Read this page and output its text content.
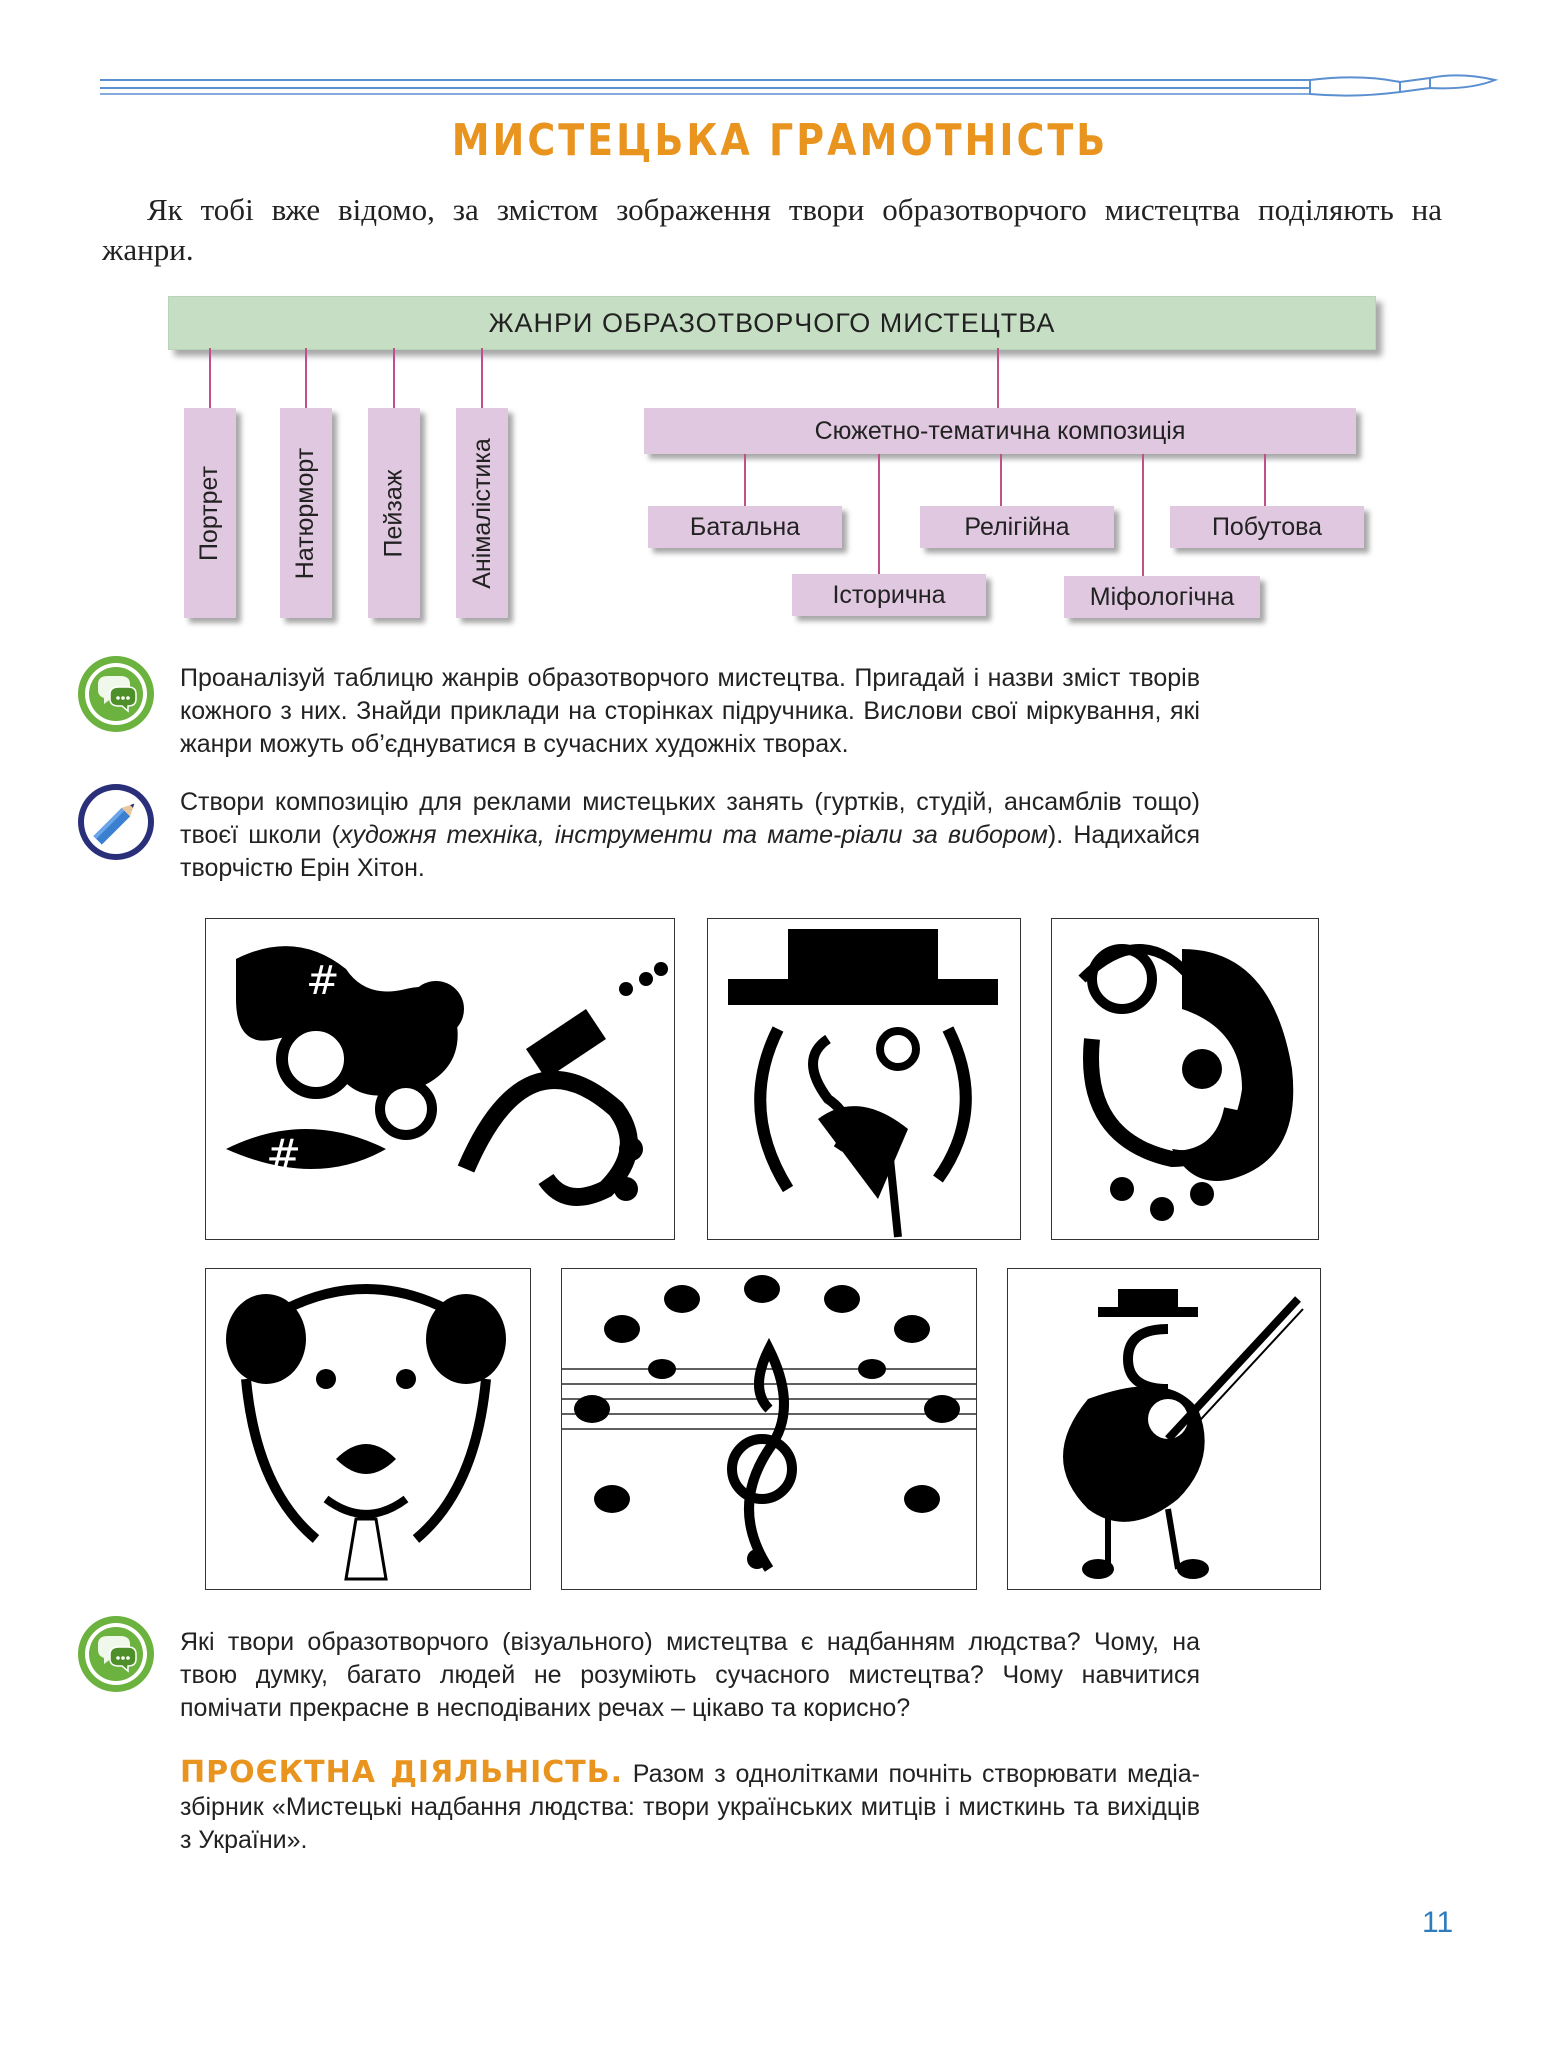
МИСТЕЦЬКА ГРАМОТНІСТЬ
Як тобі вже відомо, за змістом зображення твори образотворчого мистецтва поділяють на жанри.
ЖАНРИ ОБРАЗОТВОРЧОГО МИСТЕЦТВА
Портрет	Натюрморт Пейзаж Анімалістика
Сюжетно-тематична композиція
Батальна	Релігійна	Побутова
Історична	Міфологічна
Проаналізуй таблицю жанрів образотворчого мистецтва. Пригадай і назви зміст творів кожного з них. Знайди приклади на сторінках підручника. Вислови свої міркування, які жанри можуть об’єднуватися в сучасних художніх творах.
Створи композицію для реклами мистецьких занять (гуртків, студій, ансамблів тощо) твоєї школи (художня техніка, інструменти та мате-ріали за вибором). Надихайся творчістю Ерін Хітон.
#
#
Які твори образотворчого (візуального) мистецтва є надбанням людства? Чому, на твою думку, багато людей не розуміють сучасного мистецтва? Чому навчитися помічати прекрасне в несподіваних речах – цікаво та корисно?
ПРОЄКТНА ДІЯЛЬНІСТЬ. Разом з однолітками почніть створювати медіа-збірник «Мистецькі надбання людства: твори українських митців і мисткинь та вихідців з України».
11
